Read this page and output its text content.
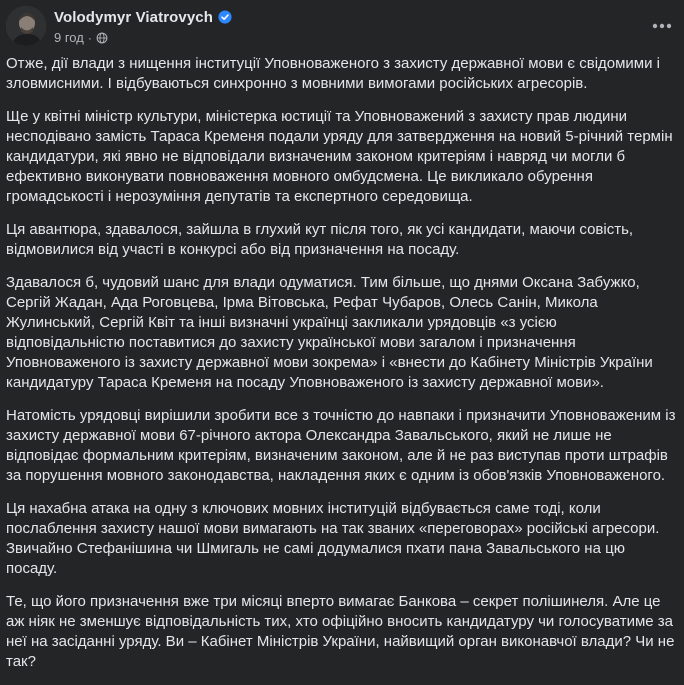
Volodymyr Viatrovych
9 год ·

Отже, дії влади з нищення інституції Уповноваженого з захисту державної мови є свідомими і зловмисними. І відбуваються синхронно з мовними вимогами російських агресорів.

Ще у квітні міністр культури, міністерка юстиції та Уповноважений з захисту прав людини несподівано замість Тараса Кременя подали уряду для затвердження на новий 5-річний термін кандидатури, які явно не відповідали визначеним законом критеріям і навряд чи могли б ефективно виконувати повноваження мовного омбудсмена. Це викликало обурення громадськості і нерозуміння депутатів та експертного середовища.

Ця авантюра, здавалося, зайшла в глухий кут після того, як усі кандидати, маючи совість, відмовилися від участі в конкурсі або від призначення на посаду.

Здавалося б, чудовий шанс для влади одуматися. Тим більше, що днями Оксана Забужко, Сергій Жадан, Ада Роговцева, Ірма Вітовська, Рефат Чубаров, Олесь Санін, Микола Жулинський, Сергій Квіт та інші визначні українці закликали урядовців «з усією відповідальністю поставитися до захисту української мови загалом і призначення Уповноваженого із захисту державної мови зокрема» і «внести до Кабінету Міністрів України кандидатуру Тараса Кременя на посаду Уповноваженого із захисту державної мови».

Натомість урядовці вирішили зробити все з точністю до навпаки і призначити Уповноваженим із захисту державної мови 67-річного актора Олександра Завальського, який не лише не відповідає формальним критеріям, визначеним законом, але й не раз виступав проти штрафів за порушення мовного законодавства, накладення яких є одним із обов'язків Уповноваженого.

Ця нахабна атака на одну з ключових мовних інституцій відбувається саме тоді, коли послаблення захисту нашої мови вимагають на так званих «переговорах» російські агресори. Звичайно Стефанішина чи Шмигаль не самі додумалися пхати пана Завальського на цю посаду.

Те, що його призначення вже три місяці вперто вимагає Банкова – секрет полішинеля. Але це аж ніяк не зменшує відповідальність тих, хто офіційно вносить кандидатуру чи голосуватиме за неї на засіданні уряду. Ви – Кабінет Міністрів України, найвищий орган виконавчої влади? Чи не так?
